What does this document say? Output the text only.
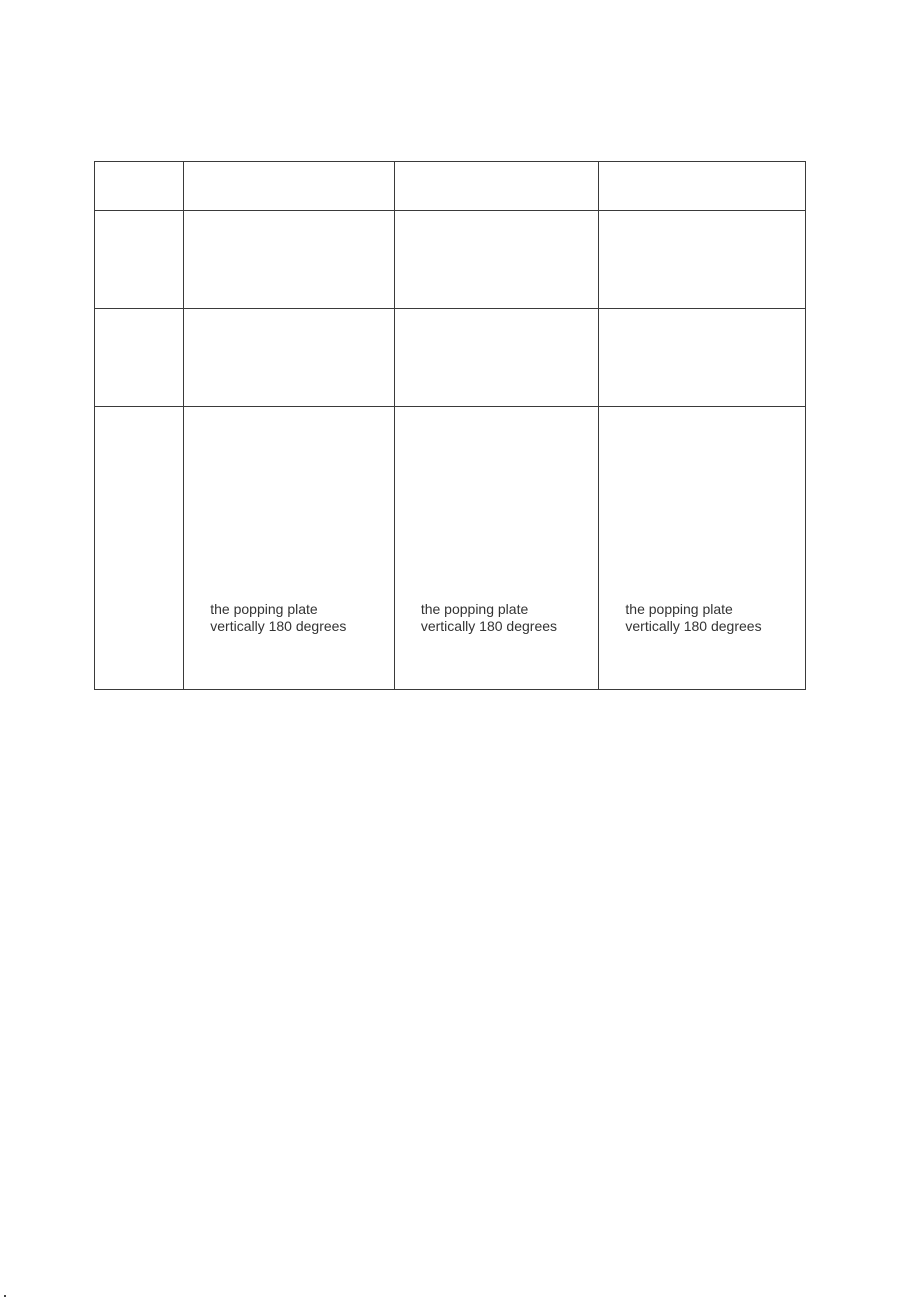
	the popping plate
vertically 180 degrees	the popping plate
vertically 180 degrees	the popping plate
vertically 180 degrees
